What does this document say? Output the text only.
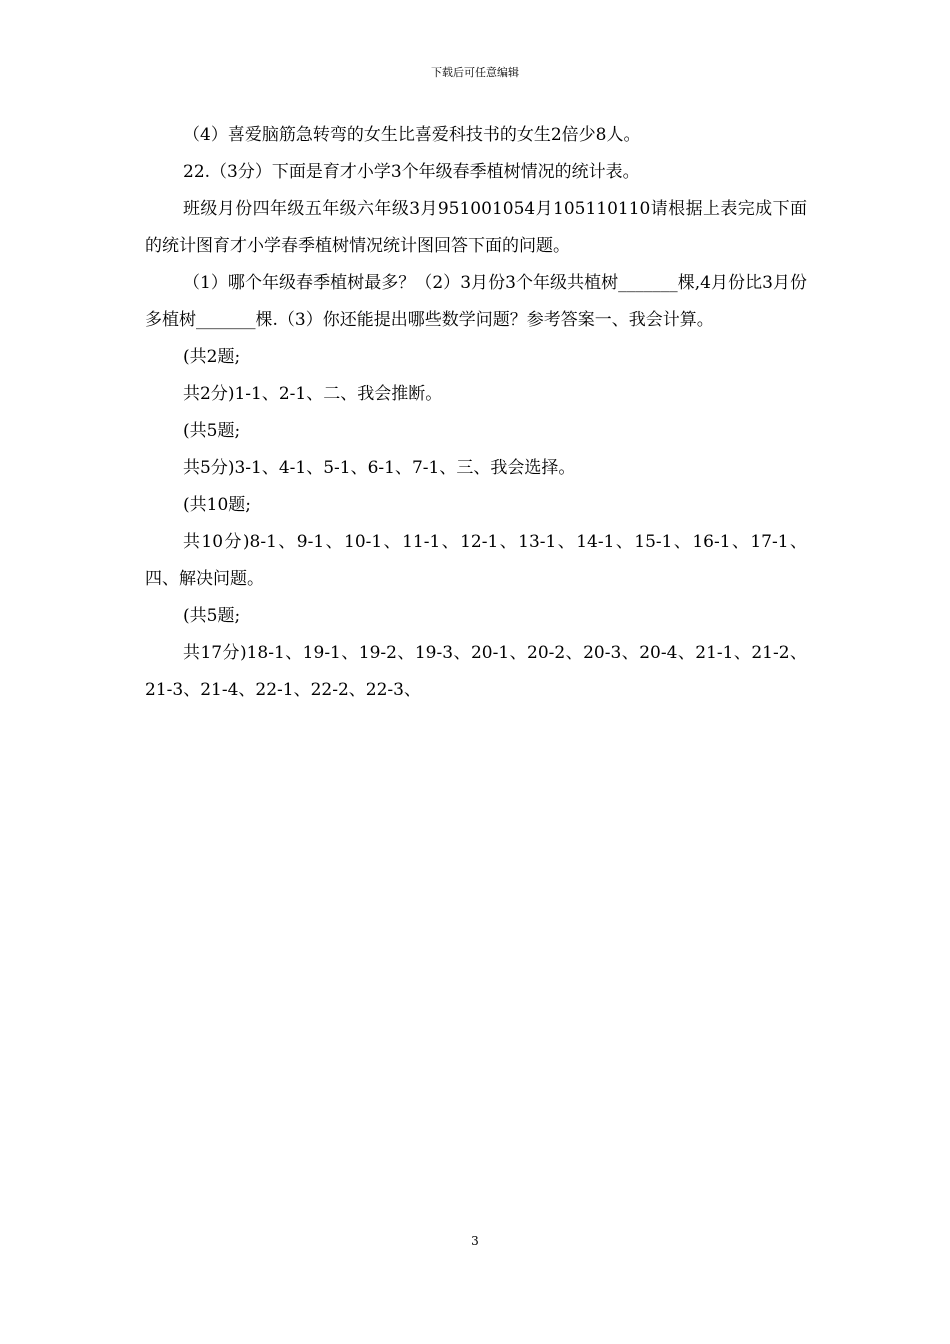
下载后可任意编辑

（4）喜爱脑筋急转弯的女生比喜爱科技书的女生2倍少8人。

22.（3分）下面是育才小学3个年级春季植树情况的统计表。

班级月份四年级五年级六年级3月951001054月105110110请根据上表完成下面的统计图育才小学春季植树情况统计图回答下面的问题。

（1）哪个年级春季植树最多？（2）3月份3个年级共植树_______棵,4月份比3月份多植树_______棵.（3）你还能提出哪些数学问题？参考答案一、我会计算。

(共2题;

共2分)1-1、2-1、二、我会推断。

(共5题;

共5分)3-1、4-1、5-1、6-1、7-1、三、我会选择。

(共10题;

共10分)8-1、9-1、10-1、11-1、12-1、13-1、14-1、15-1、16-1、17-1、四、解决问题。

(共5题;

共17分)18-1、19-1、19-2、19-3、20-1、20-2、20-3、20-4、21-1、21-2、21-3、21-4、22-1、22-2、22-3、

3
